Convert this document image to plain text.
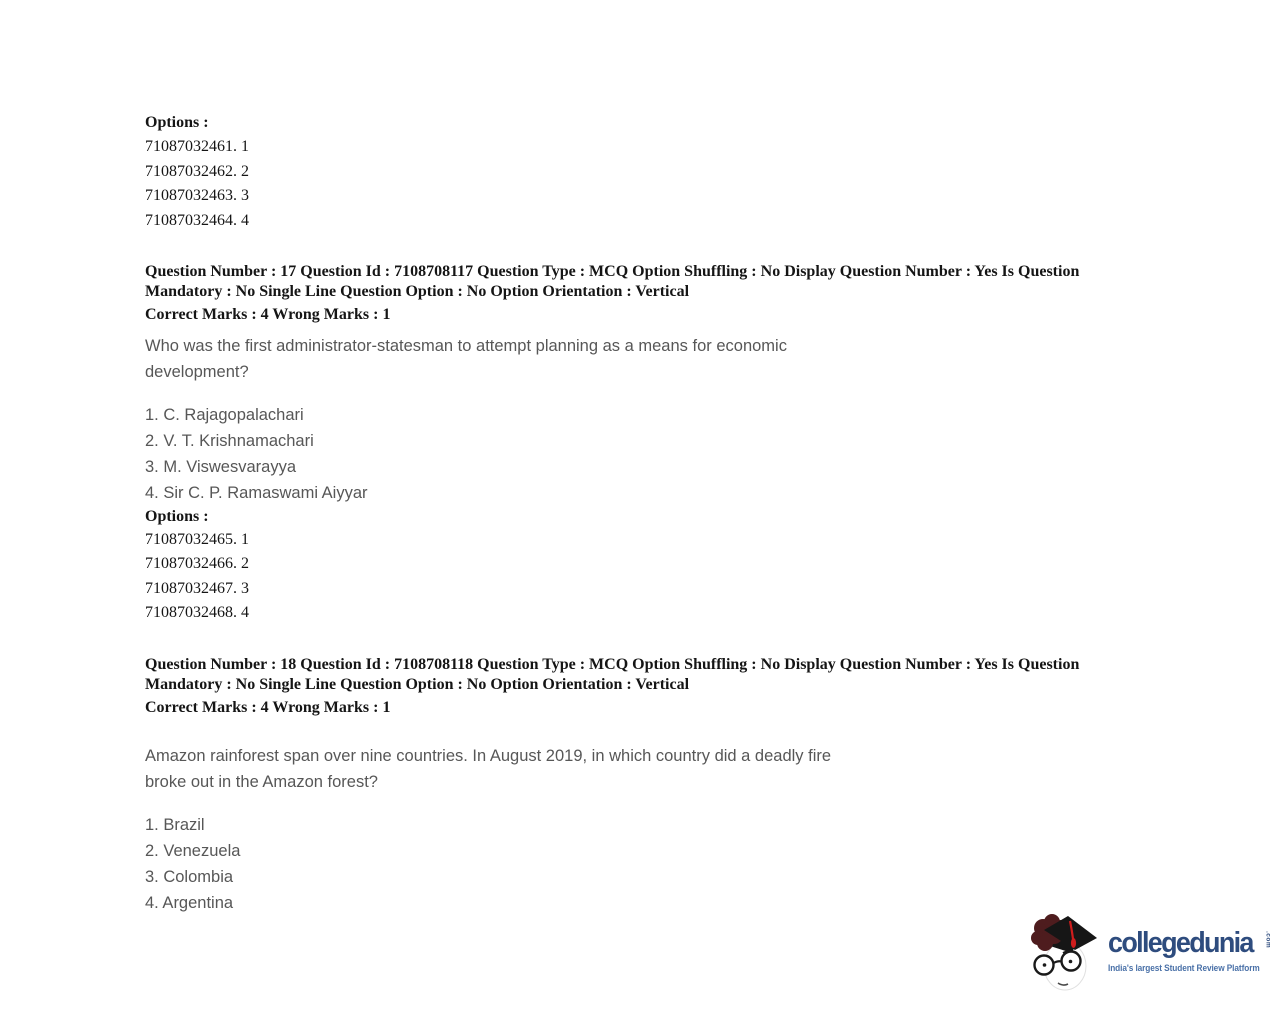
Options :

71087032461. 1

71087032462. 2

71087032463. 3

71087032464. 4

Question Number : 17 Question Id : 7108708117 Question Type : MCQ Option Shuffling : No Display Question Number : Yes Is Question Mandatory : No Single Line Question Option : No Option Orientation : Vertical

Correct Marks : 4 Wrong Marks : 1

Who was the first administrator-statesman to attempt planning as a means for economic development?

1. C. Rajagopalachari

2. V. T. Krishnamachari

3. M. Viswesvarayya

4. Sir C. P. Ramaswami Aiyyar

Options :

71087032465. 1

71087032466. 2

71087032467. 3

71087032468. 4

Question Number : 18 Question Id : 7108708118 Question Type : MCQ Option Shuffling : No Display Question Number : Yes Is Question Mandatory : No Single Line Question Option : No Option Orientation : Vertical

Correct Marks : 4 Wrong Marks : 1

Amazon rainforest span over nine countries. In August 2019, in which country did a deadly fire broke out in the Amazon forest?

1. Brazil

2. Venezuela

3. Colombia

4. Argentina

collegedunia .com
India's largest Student Review Platform
